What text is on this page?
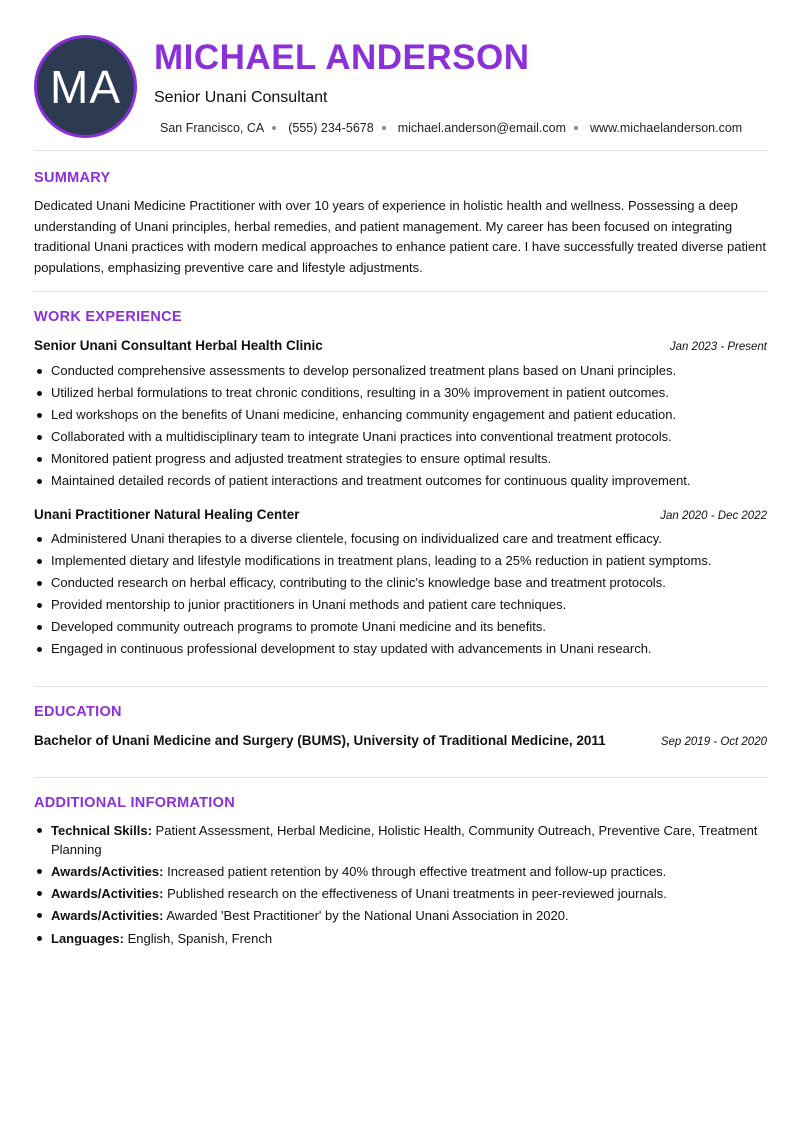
MA
MICHAEL ANDERSON
Senior Unani Consultant
San Francisco, CA (555) 234-5678 michael.anderson@email.com www.michaelanderson.com
SUMMARY

Dedicated Unani Medicine Practitioner with over 10 years of experience in holistic health and wellness. Possessing a deep understanding of Unani principles, herbal remedies, and patient management. My career has been focused on integrating traditional Unani practices with modern medical approaches to enhance patient care. I have successfully treated diverse patient populations, emphasizing preventive care and lifestyle adjustments.

WORK EXPERIENCE
Senior Unani Consultant Herbal Health Clinic	Jan 2023 - Present
Conducted comprehensive assessments to develop personalized treatment plans based on Unani principles.
Utilized herbal formulations to treat chronic conditions, resulting in a 30% improvement in patient outcomes.
Led workshops on the benefits of Unani medicine, enhancing community engagement and patient education.
Collaborated with a multidisciplinary team to integrate Unani practices into conventional treatment protocols.
Monitored patient progress and adjusted treatment strategies to ensure optimal results.
Maintained detailed records of patient interactions and treatment outcomes for continuous quality improvement.
Unani Practitioner Natural Healing Center	Jan 2020 - Dec 2022
Administered Unani therapies to a diverse clientele, focusing on individualized care and treatment efficacy.
Implemented dietary and lifestyle modifications in treatment plans, leading to a 25% reduction in patient symptoms.
Conducted research on herbal efficacy, contributing to the clinic's knowledge base and treatment protocols.
Provided mentorship to junior practitioners in Unani methods and patient care techniques.
Developed community outreach programs to promote Unani medicine and its benefits.
Engaged in continuous professional development to stay updated with advancements in Unani research.
EDUCATION
Bachelor of Unani Medicine and Surgery (BUMS), University of Traditional Medicine, 2011	Sep 2019 - Oct 2020
ADDITIONAL INFORMATION
Technical Skills: Patient Assessment, Herbal Medicine, Holistic Health, Community Outreach, Preventive Care, Treatment Planning
Awards/Activities: Increased patient retention by 40% through effective treatment and follow-up practices.
Awards/Activities: Published research on the effectiveness of Unani treatments in peer-reviewed journals.
Awards/Activities: Awarded 'Best Practitioner' by the National Unani Association in 2020.
Languages: English, Spanish, French
